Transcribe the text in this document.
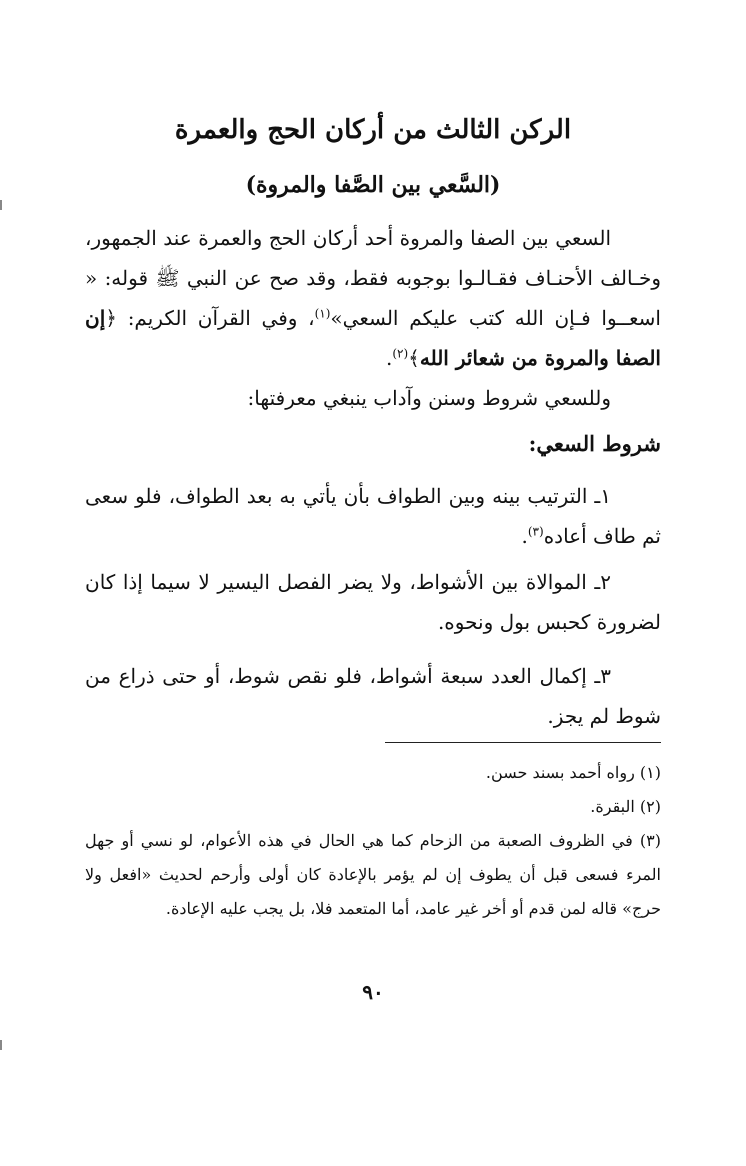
الركن الثالث من أركان الحج والعمرة
(السَّعي بين الصَّفا والمروة)

السعي بين الصفا والمروة أحد أركان الحج والعمرة عند الجمهور، وخـالف الأحنـاف فقـالـوا بوجوبه فقط، وقد صح عن النبي ﷺ قوله: « اسعــوا فـإن الله كتب عليكم السعي»$^{(١)}$، وفي القرآن الكريم: ﴿إن الصفا والمروة من شعائر الله﴾$^{(٢)}$.

وللسعي شروط وسنن وآداب ينبغي معرفتها:

شروط السعي:

١ـ الترتيب بينه وبين الطواف بأن يأتي به بعد الطواف، فلو سعى ثم طاف أعاده$^{(٣)}$.

٢ـ الموالاة بين الأشواط، ولا يضر الفصل اليسير لا سيما إذا كان لضرورة كحبس بول ونحوه.

٣ـ إكمال العدد سبعة أشواط، فلو نقص شوط، أو حتى ذراع من شوط لم يجز.

(١) رواه أحمد بسند حسن.

(٢) البقرة.

(٣) في الظروف الصعبة من الزحام كما هي الحال في هذه الأعوام، لو نسي أو جهل المرء فسعى قبل أن يطوف إن لم يؤمر بالإعادة كان أولى وأرحم لحديث «افعل ولا حرج» قاله لمن قدم أو أخر غير عامد، أما المتعمد فلا، بل يجب عليه الإعادة.

٩٠
